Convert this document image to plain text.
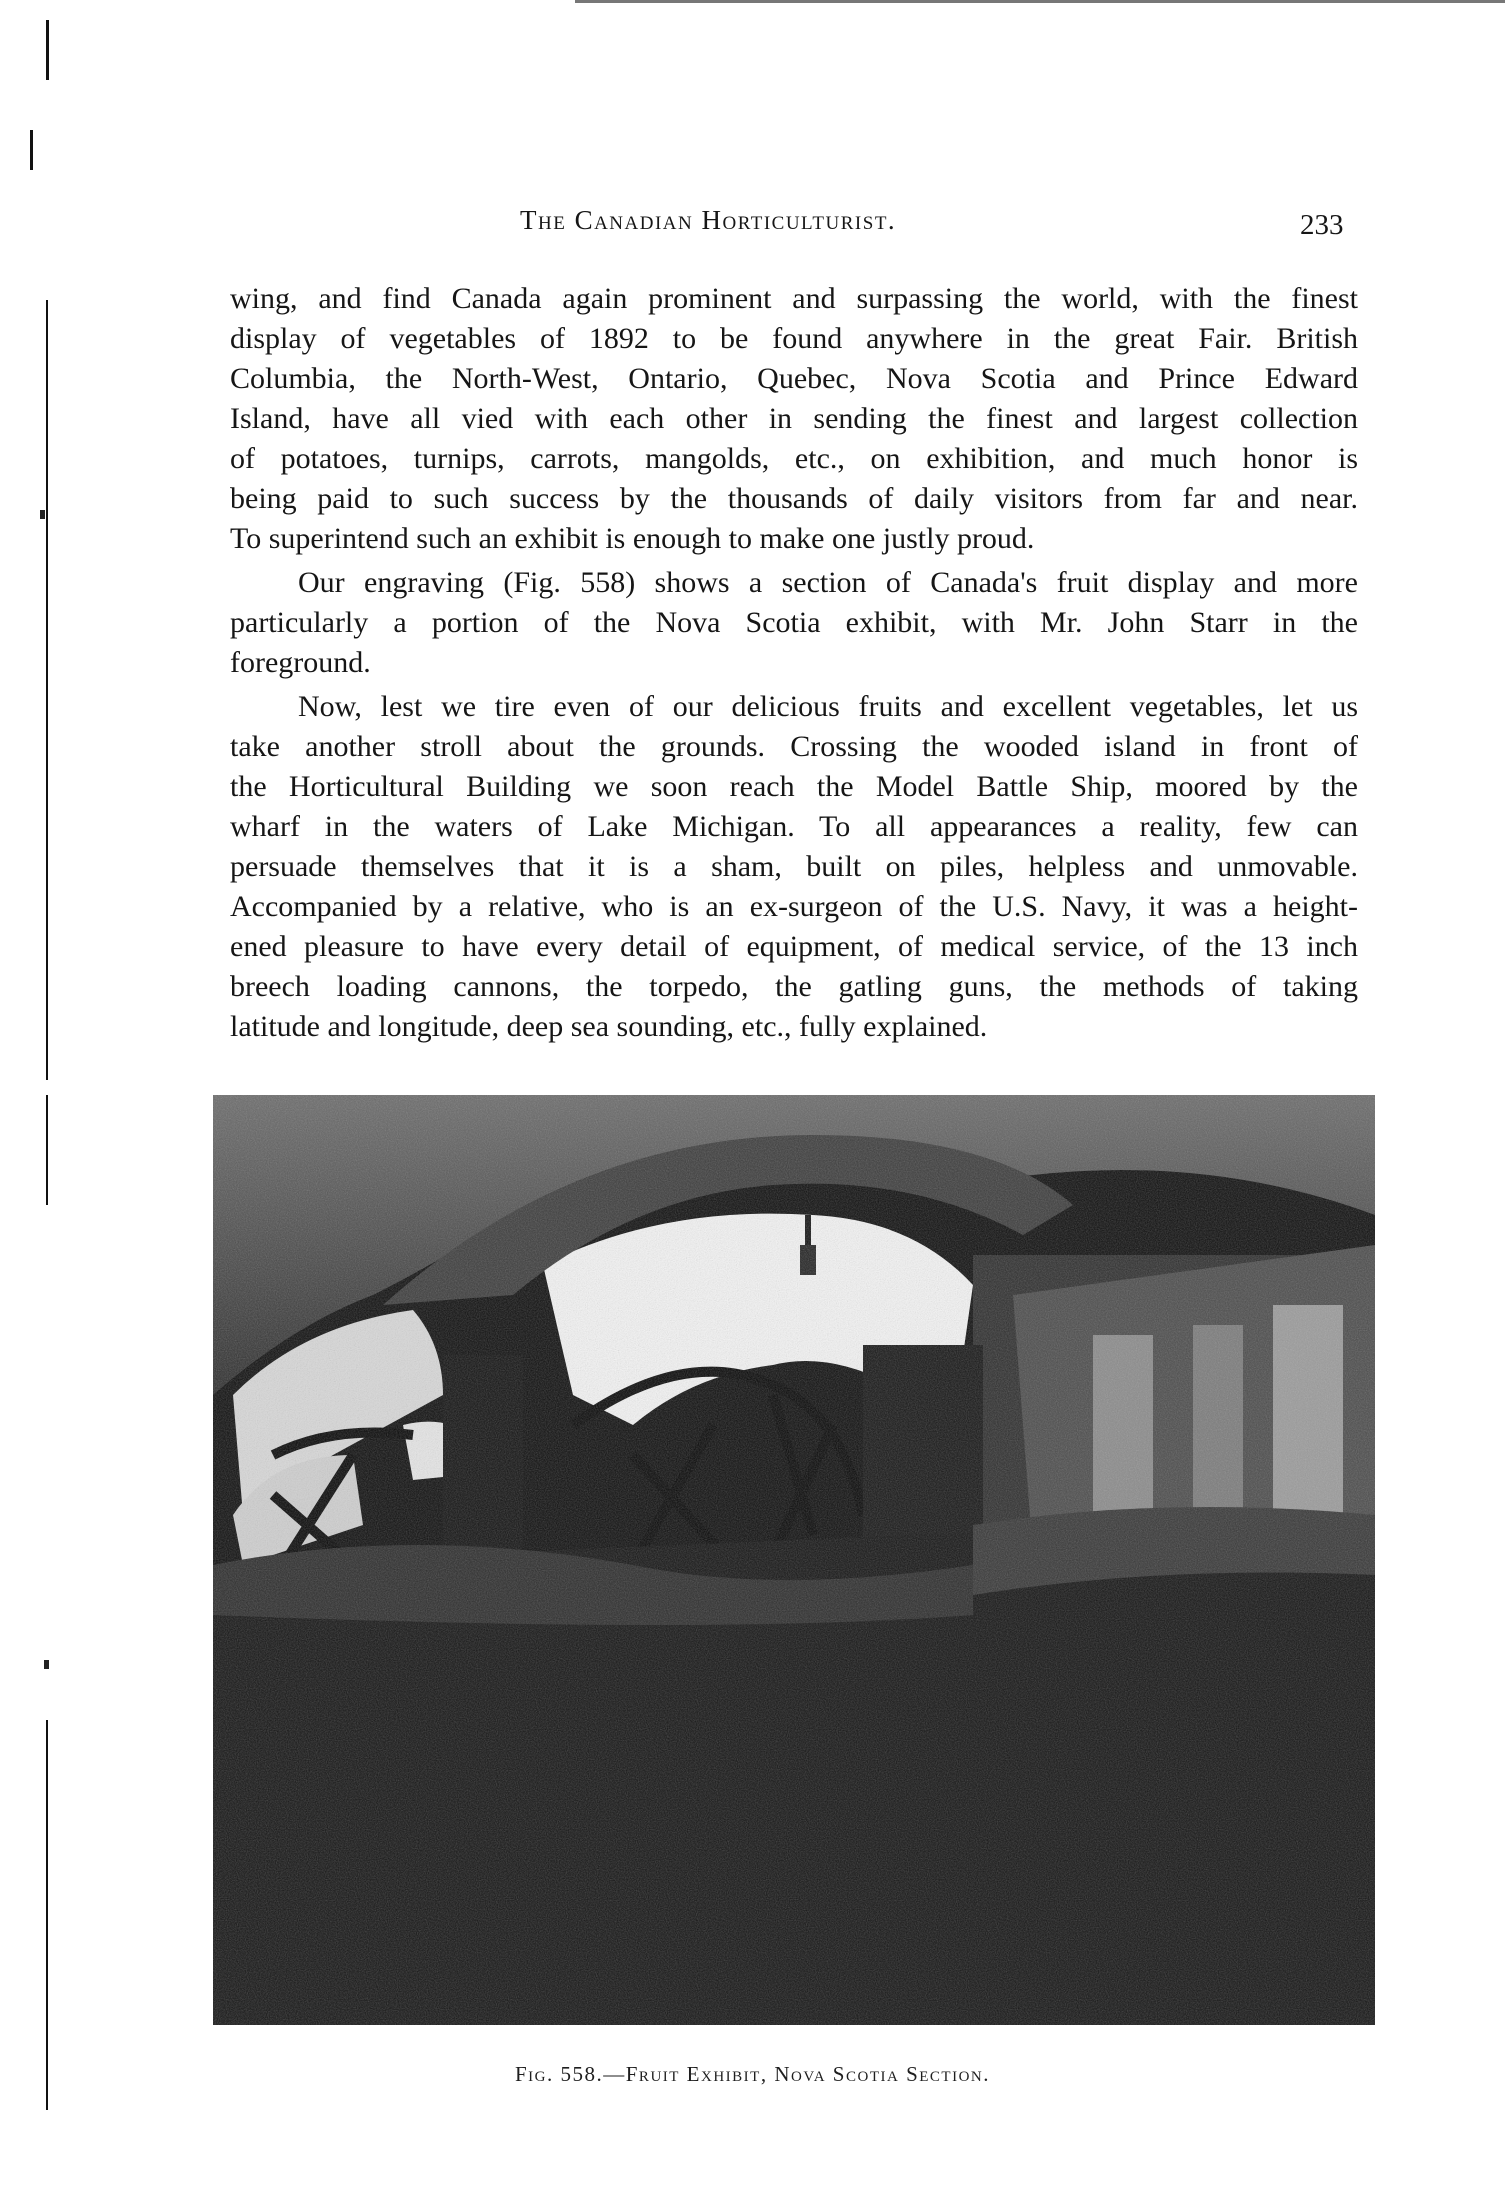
The Canadian Horticulturist.	233
wing, and find Canada again prominent and surpassing the world, with the finest
display of vegetables of 1892 to be found anywhere in the great Fair. British
Columbia, the North-West, Ontario, Quebec, Nova Scotia and Prince Edward
Island, have all vied with each other in sending the finest and largest collection
of potatoes, turnips, carrots, mangolds, etc., on exhibition, and much honor is
being paid to such success by the thousands of daily visitors from far and near.
To superintend such an exhibit is enough to make one justly proud.
Our engraving (Fig. 558) shows a section of Canada's fruit display and more
particularly a portion of the Nova Scotia exhibit, with Mr. John Starr in the
foreground.
Now, lest we tire even of our delicious fruits and excellent vegetables, let us
take another stroll about the grounds. Crossing the wooded island in front of
the Horticultural Building we soon reach the Model Battle Ship, moored by the
wharf in the waters of Lake Michigan. To all appearances a reality, few can
persuade themselves that it is a sham, built on piles, helpless and unmovable.
Accompanied by a relative, who is an ex-surgeon of the U.S. Navy, it was a height-
ened pleasure to have every detail of equipment, of medical service, of the 13 inch
breech loading cannons, the torpedo, the gatling guns, the methods of taking
latitude and longitude, deep sea sounding, etc., fully explained.
Fig. 558.—Fruit Exhibit, Nova Scotia Section.
